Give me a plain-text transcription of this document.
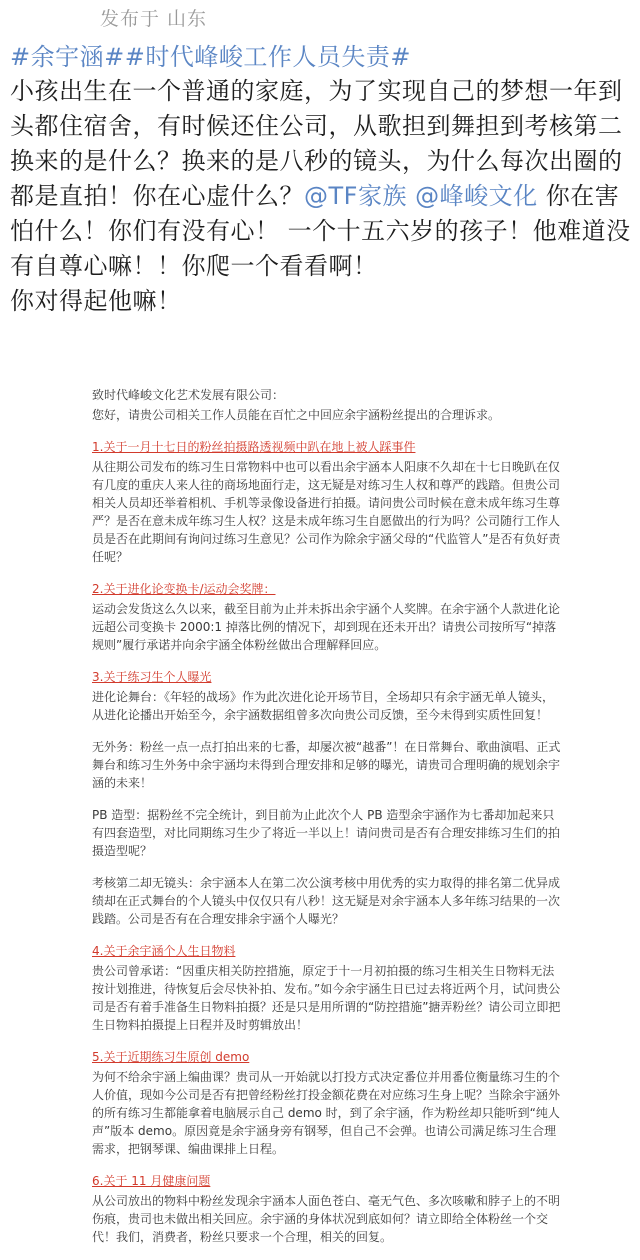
发布于 山东
#余宇涵##时代峰峻工作人员失责#
小孩出生在一个普通的家庭，为了实现自己的梦想一年到头都住宿舍，有时候还住公司，从歌担到舞担到考核第二换来的是什么？换来的是八秒的镜头，为什么每次出圈的都是直拍！你在心虚什么？@TF家族 @峰峻文化 你在害怕什么！你们有没有心！ 一个十五六岁的孩子！他难道没有自尊心嘛！！你爬一个看看啊！
你对得起他嘛！

致时代峰峻文化艺术发展有限公司：

您好，请贵公司相关工作人员能在百忙之中回应余宇涵粉丝提出的合理诉求。

1.关于一月十七日的粉丝拍摄路透视频中趴在地上被人踩事件

从往期公司发布的练习生日常物料中也可以看出余宇涵本人阳康不久却在十七日晚趴在仅有几度的重庆人来人往的商场地面行走，这无疑是对练习生人权和尊严的践踏。但贵公司相关人员却还举着相机、手机等录像设备进行拍摄。请问贵公司时候在意未成年练习生尊严？是否在意未成年练习生人权？这是未成年练习生自愿做出的行为吗？公司随行工作人员是否在此期间有询问过练习生意见？公司作为除余宇涵父母的“代监管人”是否有负好责任呢？

2.关于进化论变换卡/运动会奖牌：

运动会发货这么久以来，截至目前为止并未拆出余宇涵个人奖牌。在余宇涵个人款进化论远超公司变换卡 2000:1 掉落比例的情况下，却到现在还未开出？请贵公司按所写“掉落规则”履行承诺并向余宇涵全体粉丝做出合理解释回应。

3.关于练习生个人曝光

进化论舞台：《年轻的战场》作为此次进化论开场节目，全场却只有余宇涵无单人镜头，从进化论播出开始至今，余宇涵数据组曾多次向贵公司反馈，至今未得到实质性回复！

无外务：粉丝一点一点打拍出来的七番，却屡次被“越番”！在日常舞台、歌曲演唱、正式舞台和练习生外务中余宇涵均未得到合理安排和足够的曝光，请贵司合理明确的规划余宇涵的未来！

PB 造型：据粉丝不完全统计，到目前为止此次个人 PB 造型余宇涵作为七番却加起来只有四套造型，对比同期练习生少了将近一半以上！请问贵司是否有合理安排练习生们的拍摄造型呢？

考核第二却无镜头：余宇涵本人在第二次公演考核中用优秀的实力取得的排名第二优异成绩却在正式舞台的个人镜头中仅仅只有八秒！这无疑是对余宇涵本人多年练习结果的一次践踏。公司是否有在合理安排余宇涵个人曝光？

4.关于余宇涵个人生日物料

贵公司曾承诺：“因重庆相关防控措施，原定于十一月初拍摄的练习生相关生日物料无法按计划推进，待恢复后会尽快补拍、发布。”如今余宇涵生日已过去将近两个月，试问贵公司是否有着手准备生日物料拍摄？还是只是用所谓的“防控措施”搪弄粉丝？请公司立即把生日物料拍摄提上日程并及时剪辑放出！

5.关于近期练习生原创 demo

为何不给余宇涵上编曲课？贵司从一开始就以打投方式决定番位并用番位衡量练习生的个人价值，现如今公司是否有把曾经粉丝打投金额花费在对应练习生身上呢？当除余宇涵外的所有练习生都能拿着电脑展示自己 demo 时，到了余宇涵，作为粉丝却只能听到“纯人声”版本 demo。原因竟是余宇涵身旁有钢琴，但自己不会弹。也请公司满足练习生合理需求，把钢琴课、编曲课排上日程。

6.关于 11 月健康问题

从公司放出的物料中粉丝发现余宇涵本人面色苍白、毫无气色、多次咳嗽和脖子上的不明伤痕，贵司也未做出相关回应。余宇涵的身体状况到底如何？请立即给全体粉丝一个交代！我们，消费者，粉丝只要求一个合理，相关的回复。
